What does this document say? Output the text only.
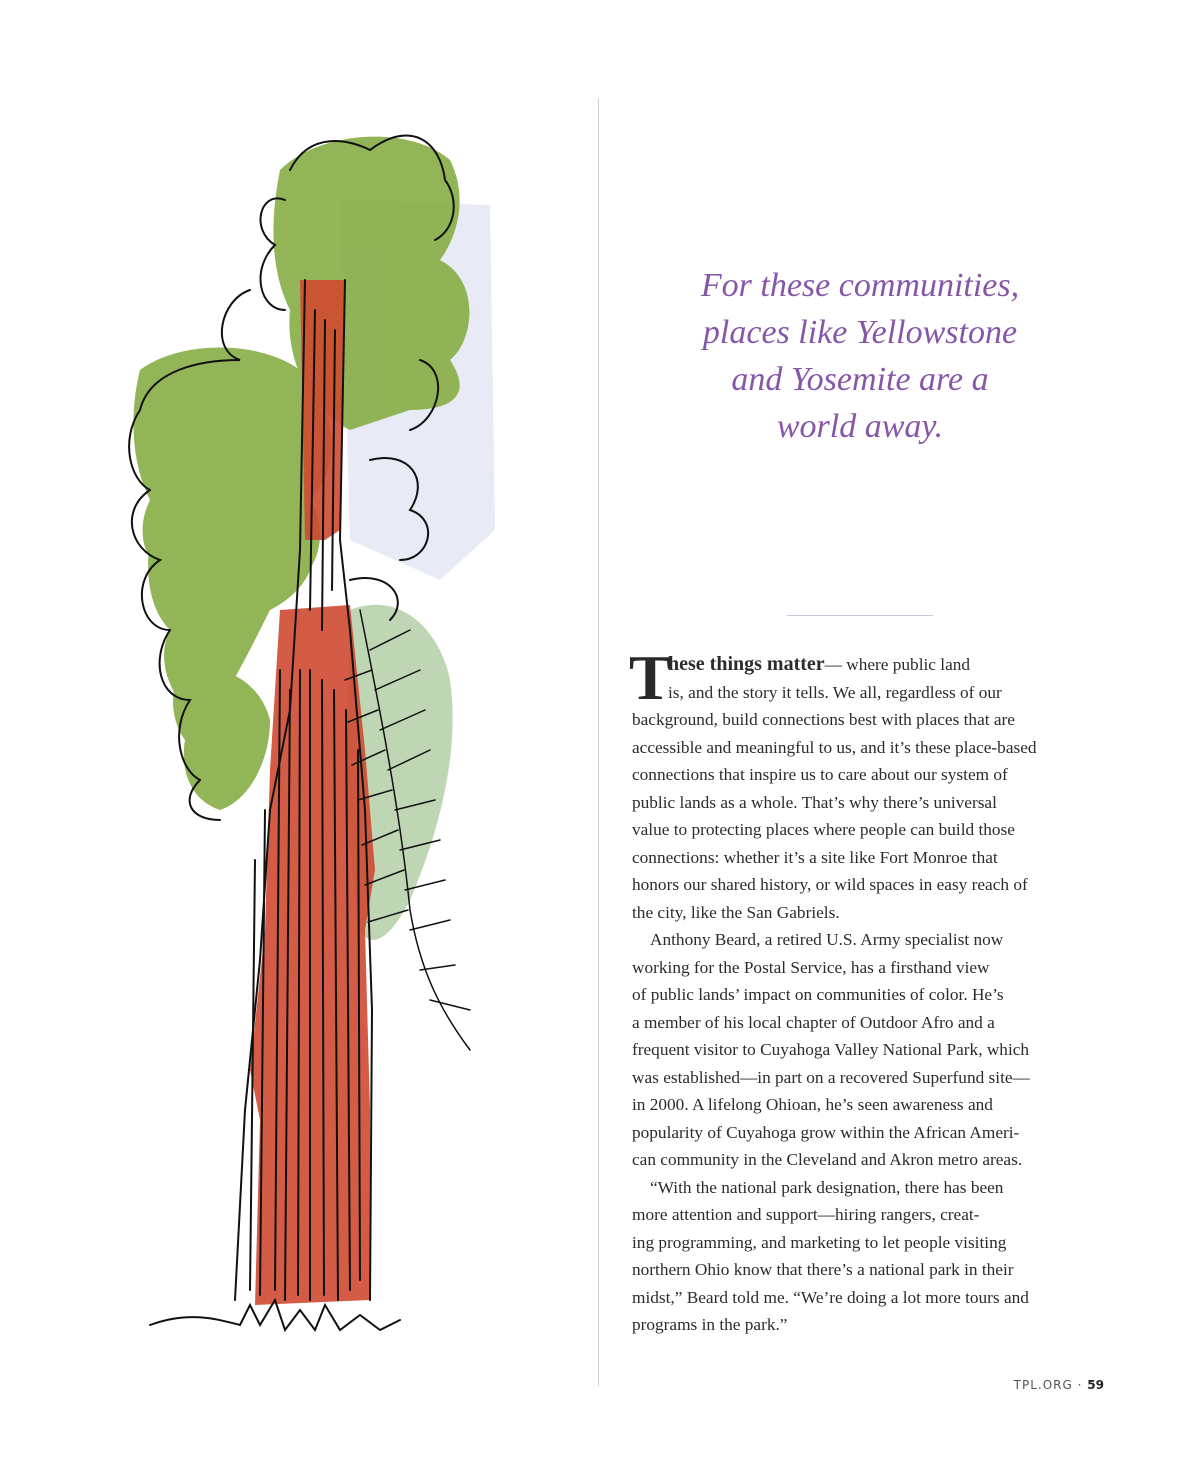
For these communities,
places like Yellowstone
and Yosemite are a
world away.
T
hese things matter— where public land
is, and the story it tells. We all, regardless of our
background, build connections best with places that are
accessible and meaningful to us, and it’s these place-based
connections that inspire us to care about our system of
public lands as a whole. That’s why there’s universal
value to protecting places where people can build those
connections: whether it’s a site like Fort Monroe that
honors our shared history, or wild spaces in easy reach of
the city, like the San Gabriels.
Anthony Beard, a retired U.S. Army specialist now
working for the Postal Service, has a firsthand view
of public lands’ impact on communities of color. He’s
a member of his local chapter of Outdoor Afro and a
frequent visitor to Cuyahoga Valley National Park, which
was established—in part on a recovered Superfund site—
in 2000. A lifelong Ohioan, he’s seen awareness and
popularity of Cuyahoga grow within the African Ameri-
can community in the Cleveland and Akron metro areas.
“With the national park designation, there has been
more attention and support—hiring rangers, creat-
ing programming, and marketing to let people visiting
northern Ohio know that there’s a national park in their
midst,” Beard told me. “We’re doing a lot more tours and
programs in the park.”
TPL.ORG · 59
